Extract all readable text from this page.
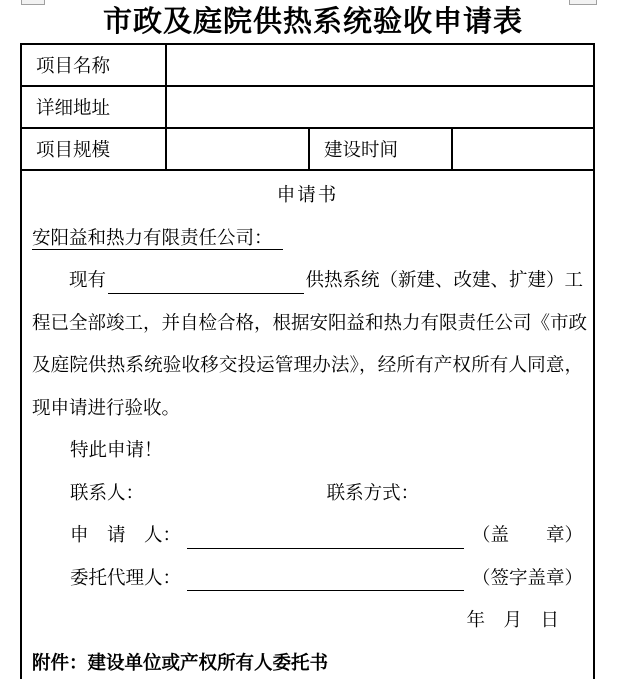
市政及庭院供热系统验收申请表
项目名称			
详细地址			
项目规模		建设时间	

申请书
安阳益和热力有限责任公司：
现有	供热系统（新建、改建、扩建）工
程已全部竣工，并自检合格，根据安阳益和热力有限责任公司《市政
及庭院供热系统验收移交投运管理办法》，经所有产权所有人同意，
现申请进行验收。
特此申请！
联系人：	联系方式：
申　请　人：	（盖　　章）
委托代理人：	（签字盖章）
年　月　日
附件：建设单位或产权所有人委托书
